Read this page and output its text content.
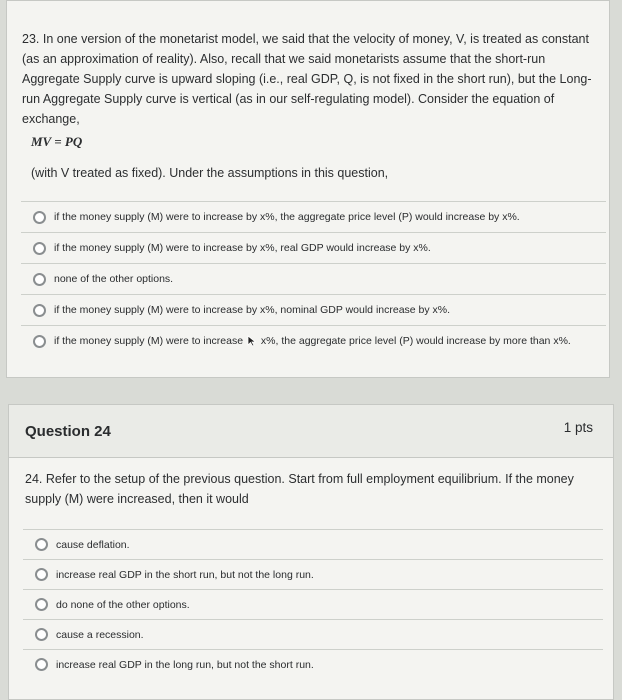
23. In one version of the monetarist model, we said that the velocity of money, V, is treated as constant (as an approximation of reality). Also, recall that we said monetarists assume that the short-run Aggregate Supply curve is upward sloping (i.e., real GDP, Q, is not fixed in the short run), but the Long-run Aggregate Supply curve is vertical (as in our self-regulating model). Consider the equation of exchange,
MV = PQ
(with V treated as fixed). Under the assumptions in this question,
if the money supply (M) were to increase by x%, the aggregate price level (P) would increase by x%.
if the money supply (M) were to increase by x%, real GDP would increase by x%.
none of the other options.
if the money supply (M) were to increase by x%, nominal GDP would increase by x%.
if the money supply (M) were to increase  x%, the aggregate price level (P) would increase by more than x%.
Question 24	1 pts
24. Refer to the setup of the previous question. Start from full employment equilibrium. If the money supply (M) were increased, then it would
cause deflation.
increase real GDP in the short run, but not the long run.
do none of the other options.
cause a recession.
increase real GDP in the long run, but not the short run.
